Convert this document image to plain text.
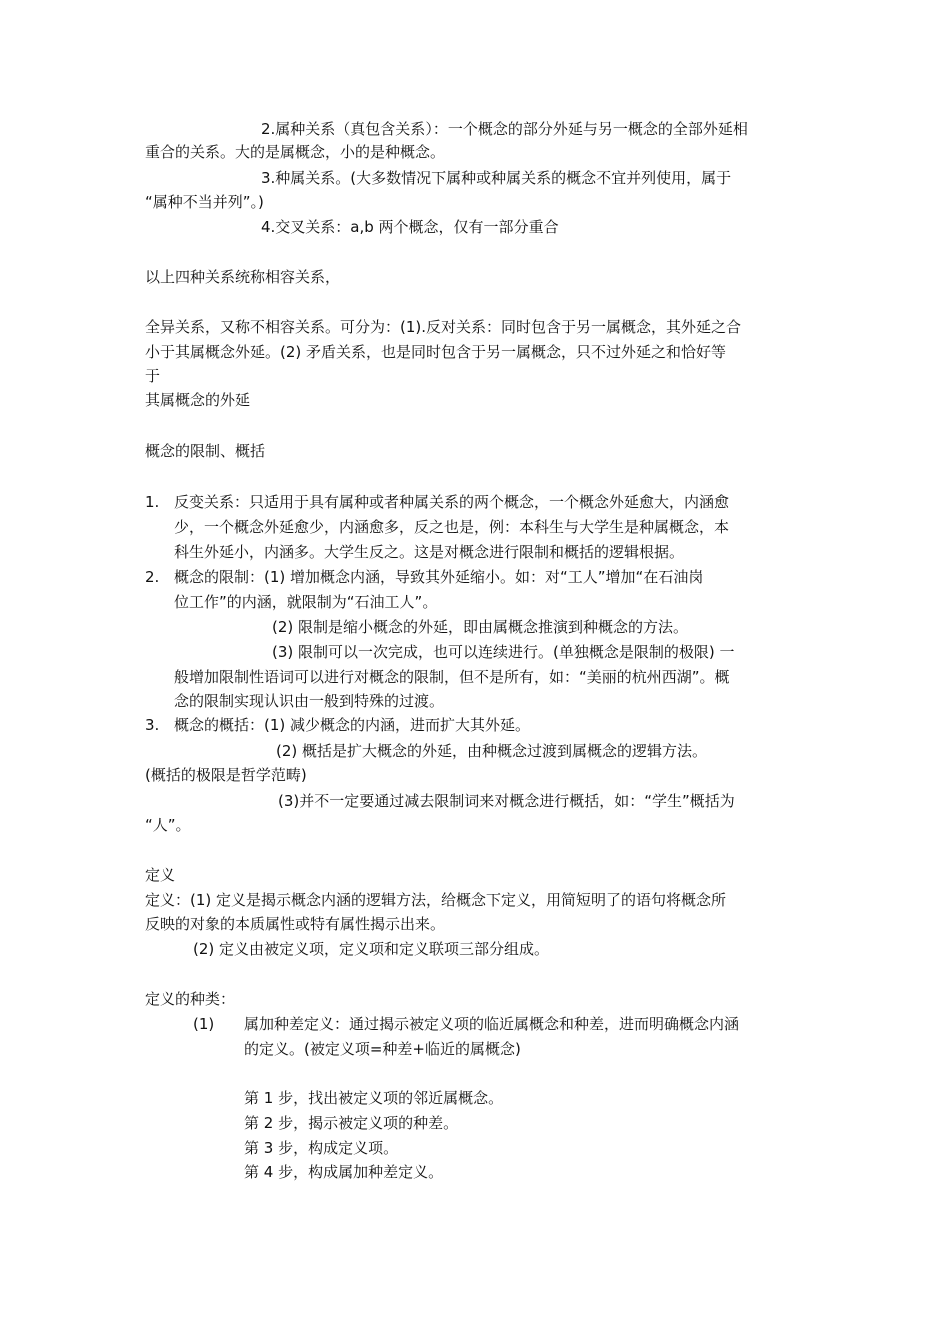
2.属种关系（真包含关系）：一个概念的部分外延与另一概念的全部外延相
重合的关系。大的是属概念，小的是种概念。
3.种属关系。(大多数情况下属种或种属关系的概念不宜并列使用，属于
“属种不当并列”。)
4.交叉关系：a,b 两个概念，仅有一部分重合
以上四种关系统称相容关系，
全异关系，又称不相容关系。可分为：(1).反对关系：同时包含于另一属概念，其外延之合
小于其属概念外延。(2) 矛盾关系，也是同时包含于另一属概念，只不过外延之和恰好等
于
其属概念的外延
概念的限制、概括
1. 反变关系：只适用于具有属种或者种属关系的两个概念，一个概念外延愈大，内涵愈
少，一个概念外延愈少，内涵愈多，反之也是，例：本科生与大学生是种属概念，本
科生外延小，内涵多。大学生反之。这是对概念进行限制和概括的逻辑根据。
2. 概念的限制：(1) 增加概念内涵，导致其外延缩小。如：对“工人”增加“在石油岗
位工作”的内涵，就限制为“石油工人”。
(2) 限制是缩小概念的外延，即由属概念推演到种概念的方法。
(3) 限制可以一次完成，也可以连续进行。(单独概念是限制的极限) 一
般增加限制性语词可以进行对概念的限制，但不是所有，如：“美丽的杭州西湖”。概
念的限制实现认识由一般到特殊的过渡。
3. 概念的概括：(1) 减少概念的内涵，进而扩大其外延。
(2) 概括是扩大概念的外延，由种概念过渡到属概念的逻辑方法。
(概括的极限是哲学范畴)
(3)并不一定要通过减去限制词来对概念进行概括，如：“学生”概括为
“人”。
定义
定义：(1) 定义是揭示概念内涵的逻辑方法，给概念下定义，用简短明了的语句将概念所
反映的对象的本质属性或特有属性揭示出来。
(2) 定义由被定义项，定义项和定义联项三部分组成。
定义的种类：
(1) 属加种差定义：通过揭示被定义项的临近属概念和种差，进而明确概念内涵
的定义。(被定义项=种差+临近的属概念)
第 1 步，找出被定义项的邻近属概念。
第 2 步，揭示被定义项的种差。
第 3 步，构成定义项。
第 4 步，构成属加种差定义。
